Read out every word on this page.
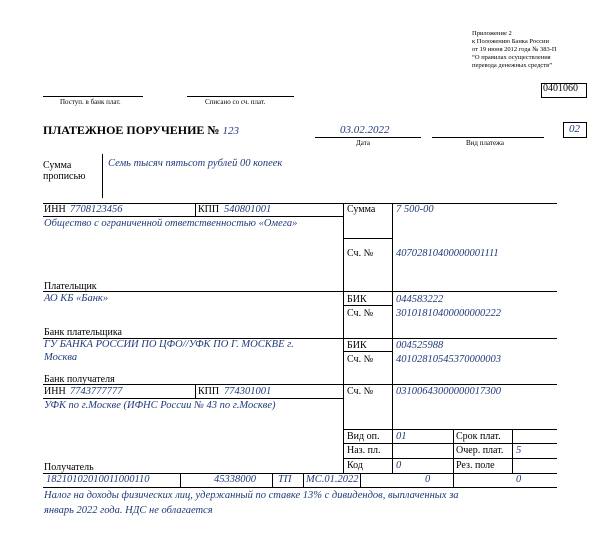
Приложение 2
к Положению Банка России
от 19 июня 2012 года № 383-П
“О правилах осуществления
перевода денежных средств”
0401060
Поступ. в банк плат.	Списано со сч. плат.
ПЛАТЕЖНОЕ ПОРУЧЕНИЕ № 123	03.02.2022
Дата	Вид платежа
02
Сумма
прописью
Семь тысяч пятьсот рублей 00 копеек
ИНН 7708123456	КПП 540801001
Общество с ограниченной ответственностью «Омега»
Плательщик
Сумма 7 500-00
Сч. № 40702810400000001111
АО КБ «Банк»
Банк плательщика
БИК	044583222
Сч. № 30101810400000000222
ГУ БАНКА РОССИИ ПО ЦФО//УФК ПО Г. МОСКВЕ г.
Москва
Банк получателя
БИК	004525988
Сч. № 40102810545370000003
ИНН 7743777777	КПП 774301001
УФК по г.Москве (ИФНС России № 43 по г.Москве)
Получатель
Сч. № 03100643000000017300
Вид оп. 01	Срок плат.
Наз. пл.	Очер. плат. 5
Код	0	Рез. поле
18210102010011000110	45338000 ТП МС.01.2022	0	0
Налог на доходы физических лиц, удержанный по ставке 13% с дивидендов, выплаченных за
январь 2022 года. НДС не облагается
